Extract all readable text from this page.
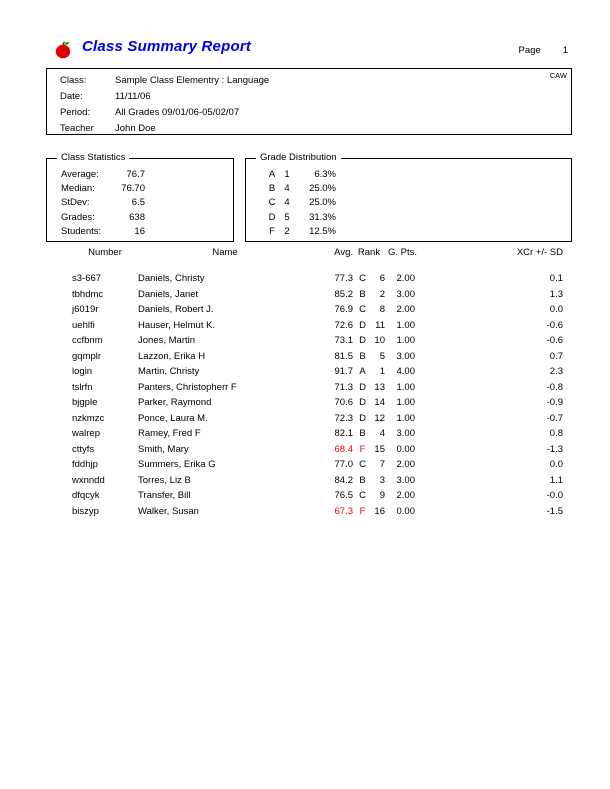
Class Summary Report	Page 1
CAW
Class:	Sample Class Elementry : Language
Date:	11/11/06
Period:	All Grades 09/01/06-05/02/07
Teacher	John Doe
Class Statistics
Average:	76.7
Median:	76.70
StDev:	6.5
Grades:	638
Students:	16
Grade Distribution
A 1	6.3%
B 4	25.0%
C 4	25.0%
D 5	31.3%
F 2	12.5%
Number	Name	Avg. Rank G. Pts.	XCr +/- SD
s3-667	Daniels, Christy	77.3 C	6	2.00	0.1
tbhdmc	Daniels, Janet	85.2 B	2	3.00	1.3
j6019r	Daniels, Robert J.	76.9 C	8	2.00	0.0
uehlfi	Hauser, Helmut K.	72.6 D 11	1.00	-0.6
ccfbnm	Jones, Martin	73.1 D 10	1.00	-0.6
gqmplr	Lazzon, Erika H	81.5 B	5	3.00	0.7
login	Martin, Christy	91.7 A	1	4.00	2.3
tslrfn	Panters, Christopherr F	71.3 D 13	1.00	-0.8
bjgple	Parker, Raymond	70.6 D 14	1.00	-0.9
nzkmzc	Ponce, Laura M.	72.3 D 12	1.00	-0.7
walrep	Ramey, Fred F	82.1 B	4	3.00	0.8
cttyfs	Smith, Mary	68.4 F 15	0.00	-1.3
fddhjp	Summers, Erika G	77.0 C	7	2.00	0.0
wxnndd	Torres, Liz B	84.2 B	3	3.00	1.1
dfqcyk	Transfer, Bill	76.5 C	9	2.00	-0.0
biszyp	Walker, Susan	67.3 F 16	0.00	-1.5
